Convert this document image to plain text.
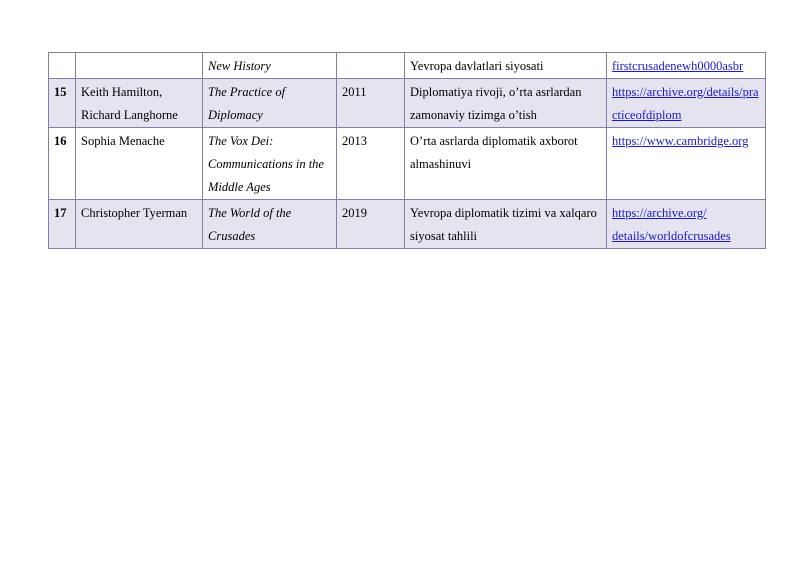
		New History		Yevropa davlatlari siyosati	firstcrusadenewh0000asbr
15	Keith Hamilton, Richard Langhorne	The Practice of Diplomacy	2011	Diplomatiya rivoji, o’rta asrlardan zamonaviy tizimga o’tish	https://archive.org/details/practiceofdiplom
16	Sophia Menache	The Vox Dei: Communications in the Middle Ages	2013	O’rta asrlarda diplomatik axborot almashinuvi	https://www.cambridge.org
17	Christopher Tyerman	The World of the Crusades	2019	Yevropa diplomatik tizimi va xalqaro siyosat tahlili	https://archive.org/ details/worldofcrusades
